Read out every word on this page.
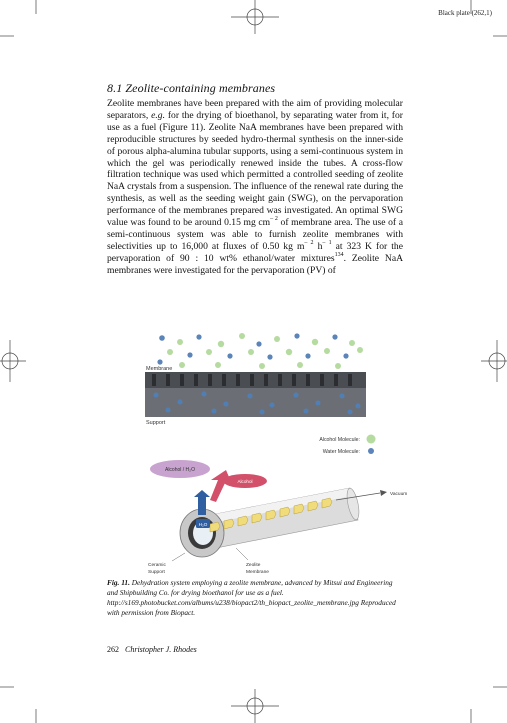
Black plate (262,1)
8.1 Zeolite-containing membranes
Zeolite membranes have been prepared with the aim of providing molecular separators, e.g. for the drying of bioethanol, by separating water from it, for use as a fuel (Figure 11). Zeolite NaA membranes have been prepared with reproducible structures by seeded hydro-thermal synthesis on the inner-side of porous alpha-alumina tubular supports, using a semi-continuous system in which the gel was periodically renewed inside the tubes. A cross-flow filtration technique was used which permitted a controlled seeding of zeolite NaA crystals from a suspension. The influence of the renewal rate during the synthesis, as well as the seeding weight gain (SWG), on the pervaporation performance of the membranes prepared was investigated. An optimal SWG value was found to be around 0.15 mg $cm^{- 2}$ of membrane area. The use of a semi-continuous system was able to furnish zeolite membranes with selectivities up to 16,000 at fluxes of 0.50 kg $m^{- 2}$ $h^{- 1}$ at 323 K for the pervaporation of 90 : 10 wt% ethanol/water mixtures$^{134}$. Zeolite NaA membranes were investigated for the pervaporation (PV) of
Membrane
Support
Alcohol Molecule:
Water Molecule:
Vacuum
H₂O
Alcohol / H₂O
Alcohol
Ceramic
Support
Zeolite
Membrane
Fig. 11. Dehydration system employing a zeolite membrane, advanced by Mitsui and Engineering and Shipbuilding Co. for drying bioethanol for use as a fuel. http://s169.photobucket.com/albums/u238/biopact2/th_biopact_zeolite_membrane.jpg Reproduced with permission from Biopact.
262 Christopher J. Rhodes
